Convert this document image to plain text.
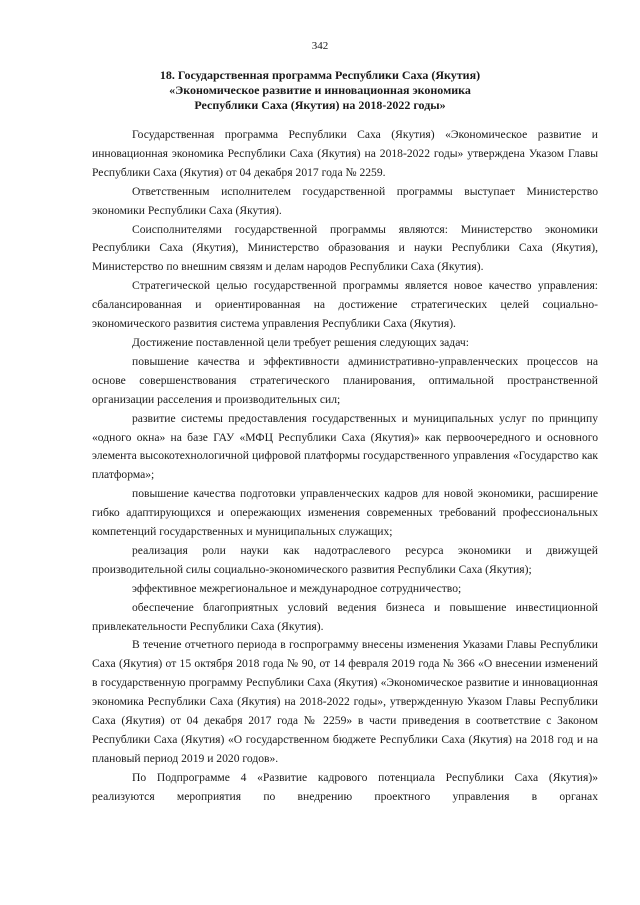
342
18. Государственная программа Республики Саха (Якутия)
«Экономическое развитие и инновационная экономика
Республики Саха (Якутия) на 2018-2022 годы»

Государственная программа Республики Саха (Якутия) «Экономическое развитие и инновационная экономика Республики Саха (Якутия) на 2018-2022 годы» утверждена Указом Главы Республики Саха (Якутия) от 04 декабря 2017 года № 2259.

Ответственным исполнителем государственной программы выступает Министерство экономики Республики Саха (Якутия).

Соисполнителями государственной программы являются: Министерство экономики Республики Саха (Якутия), Министерство образования и науки Республики Саха (Якутия), Министерство по внешним связям и делам народов Республики Саха (Якутия).

Стратегической целью государственной программы является новое качество управления: сбалансированная и ориентированная на достижение стратегических целей социально-экономического развития система управления Республики Саха (Якутия).

Достижение поставленной цели требует решения следующих задач:

повышение качества и эффективности административно-управленческих процессов на основе совершенствования стратегического планирования, оптимальной пространственной организации расселения и производительных сил;

развитие системы предоставления государственных и муниципальных услуг по принципу «одного окна» на базе ГАУ «МФЦ Республики Саха (Якутия)» как первоочередного и основного элемента высокотехнологичной цифровой платформы государственного управления «Государство как платформа»;

повышение качества подготовки управленческих кадров для новой экономики, расширение гибко адаптирующихся и опережающих изменения современных требований профессиональных компетенций государственных и муниципальных служащих;

реализация роли науки как надотраслевого ресурса экономики и движущей производительной силы социально-экономического развития Республики Саха (Якутия);

эффективное межрегиональное и международное сотрудничество;

обеспечение благоприятных условий ведения бизнеса и повышение инвестиционной привлекательности Республики Саха (Якутия).

В течение отчетного периода в госпрограмму внесены изменения Указами Главы Республики Саха (Якутия) от 15 октября 2018 года № 90, от 14 февраля 2019 года № 366 «О внесении изменений в государственную программу Республики Саха (Якутия) «Экономическое развитие и инновационная экономика Республики Саха (Якутия) на 2018-2022 годы», утвержденную Указом Главы Республики Саха (Якутия) от 04 декабря 2017 года № 2259» в части приведения в соответствие с Законом Республики Саха (Якутия) «О государственном бюджете Республики Саха (Якутия) на 2018 год и на плановый период 2019 и 2020 годов».

По Подпрограмме 4 «Развитие кадрового потенциала Республики Саха (Якутия)» реализуются мероприятия по внедрению проектного управления в органах
